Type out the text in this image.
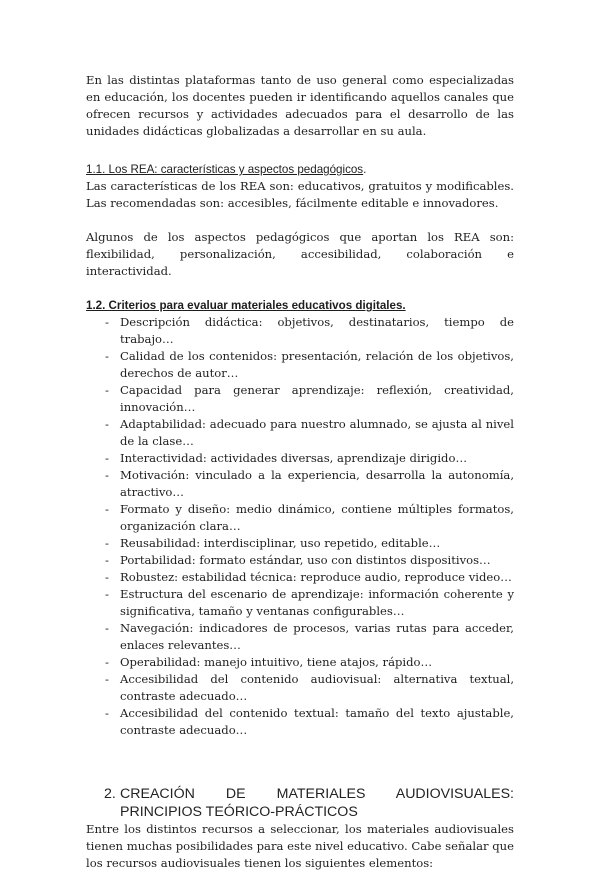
En las distintas plataformas tanto de uso general como especializadas en educación, los docentes pueden ir identificando aquellos canales que ofrecen recursos y actividades adecuados para el desarrollo de las unidades didácticas globalizadas a desarrollar en su aula.

1.1. Los REA: características y aspectos pedagógicos.

Las características de los REA son: educativos, gratuitos y modificables. Las recomendadas son: accesibles, fácilmente editable e innovadores.

Algunos de los aspectos pedagógicos que aportan los REA son: flexibilidad, personalización, accesibilidad, colaboración e interactividad.

1.2. Criterios para evaluar materiales educativos digitales.
- Descripción didáctica: objetivos, destinatarios, tiempo de trabajo…
- Calidad de los contenidos: presentación, relación de los objetivos, derechos de autor…
- Capacidad para generar aprendizaje: reflexión, creatividad, innovación…
- Adaptabilidad: adecuado para nuestro alumnado, se ajusta al nivel de la clase…
- Interactividad: actividades diversas, aprendizaje dirigido…
- Motivación: vinculado a la experiencia, desarrolla la autonomía, atractivo…
- Formato y diseño: medio dinámico, contiene múltiples formatos, organización clara…
- Reusabilidad: interdisciplinar, uso repetido, editable…
- Portabilidad: formato estándar, uso con distintos dispositivos…
- Robustez: estabilidad técnica: reproduce audio, reproduce video…
- Estructura del escenario de aprendizaje: información coherente y significativa, tamaño y ventanas configurables…
- Navegación: indicadores de procesos, varias rutas para acceder, enlaces relevantes…
- Operabilidad: manejo intuitivo, tiene atajos, rápido…
- Accesibilidad del contenido audiovisual: alternativa textual, contraste adecuado…
- Accesibilidad del contenido textual: tamaño del texto ajustable, contraste adecuado…
2. CREACIÓN DE MATERIALES AUDIOVISUALES:
PRINCIPIOS TEÓRICO-PRÁCTICOS

Entre los distintos recursos a seleccionar, los materiales audiovisuales tienen muchas posibilidades para este nivel educativo. Cabe señalar que los recursos audiovisuales tienen los siguientes elementos:
